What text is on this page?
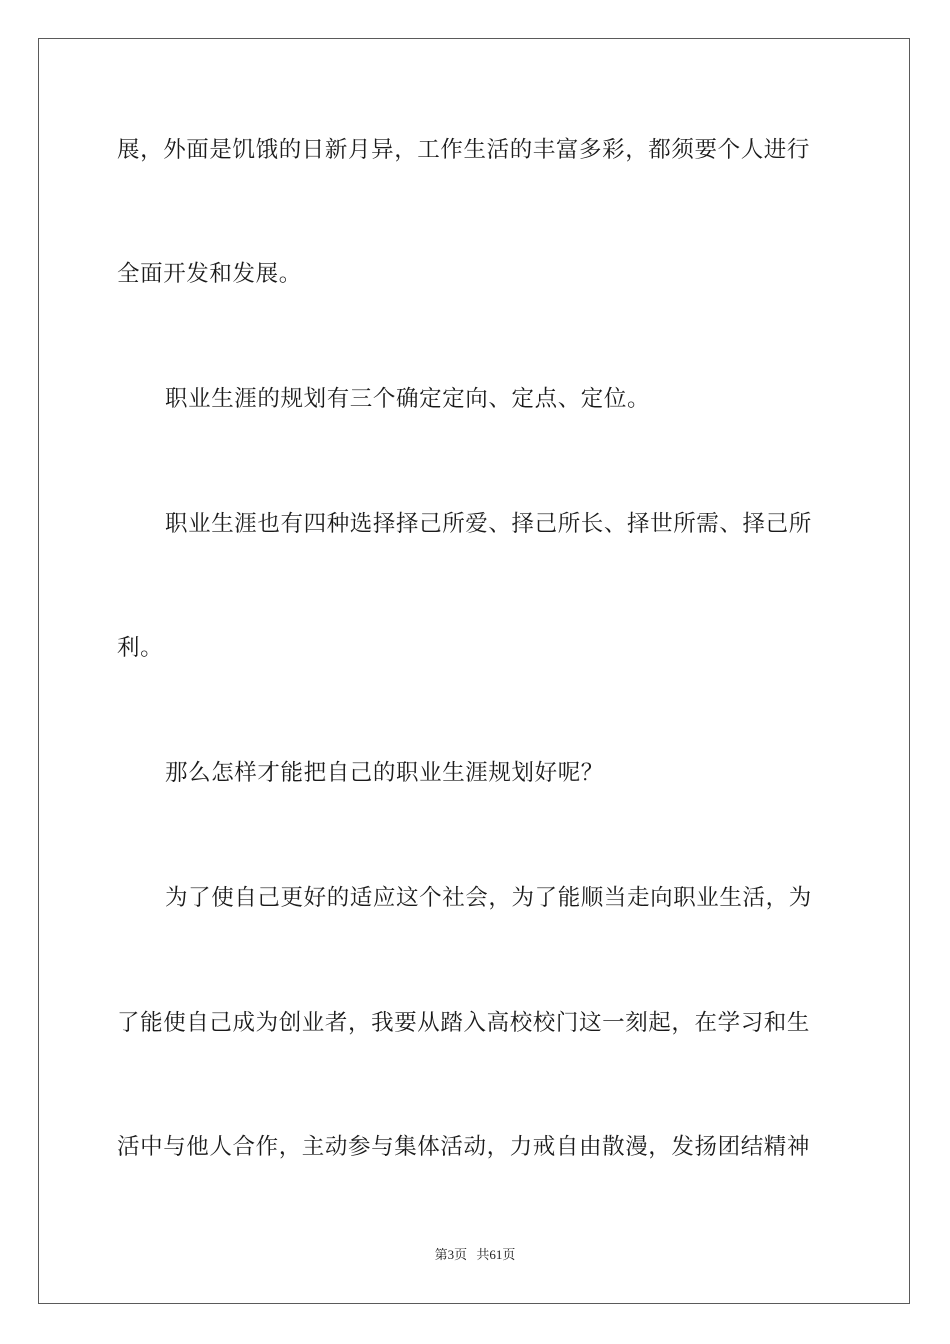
展，外面是饥饿的日新月异，工作生活的丰富多彩，都须要个人进行
全面开发和发展。
职业生涯的规划有三个确定定向、定点、定位。
职业生涯也有四种选择择己所爱、择己所长、择世所需、择己所
利。
那么怎样才能把自己的职业生涯规划好呢？
为了使自己更好的适应这个社会，为了能顺当走向职业生活，为
了能使自己成为创业者，我要从踏入高校校门这一刻起，在学习和生
活中与他人合作，主动参与集体活动，力戒自由散漫，发扬团结精神
第3页 共61页
